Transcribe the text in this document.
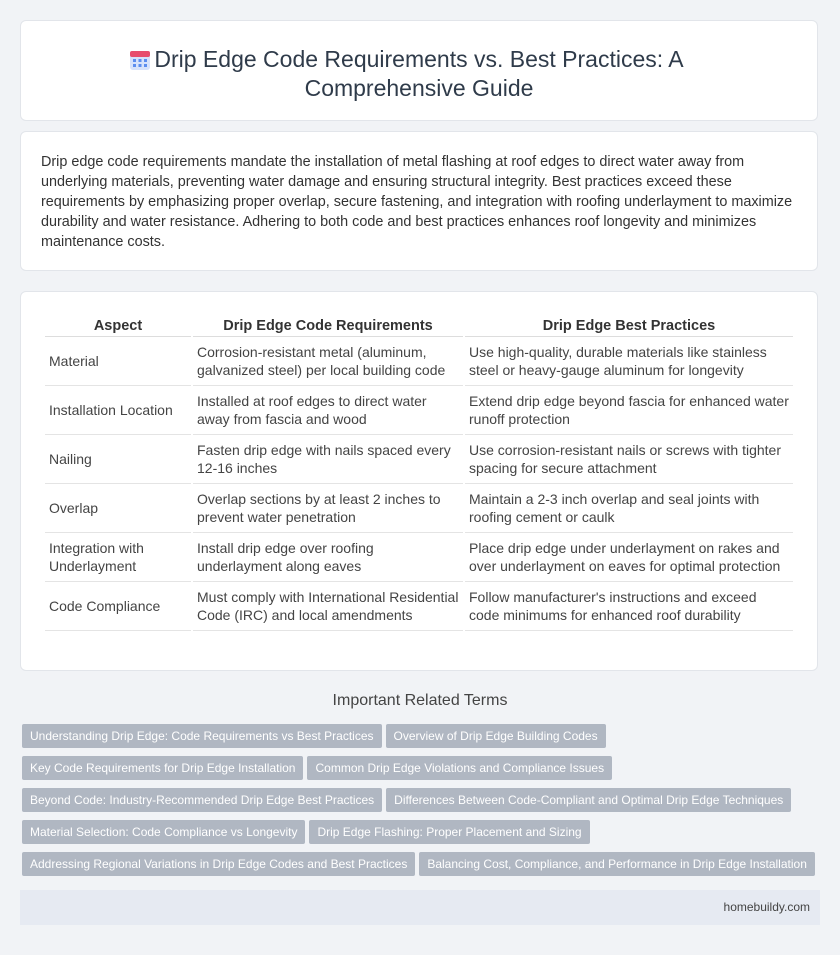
Drip Edge Code Requirements vs. Best Practices: A Comprehensive Guide

Drip edge code requirements mandate the installation of metal flashing at roof edges to direct water away from underlying materials, preventing water damage and ensuring structural integrity. Best practices exceed these requirements by emphasizing proper overlap, secure fastening, and integration with roofing underlayment to maximize durability and water resistance. Adhering to both code and best practices enhances roof longevity and minimizes maintenance costs.

Aspect	Drip Edge Code Requirements	Drip Edge Best Practices
Material	Corrosion-resistant metal (aluminum, galvanized steel) per local building code	Use high-quality, durable materials like stainless steel or heavy-gauge aluminum for longevity
Installation Location	Installed at roof edges to direct water away from fascia and wood	Extend drip edge beyond fascia for enhanced water runoff protection
Nailing	Fasten drip edge with nails spaced every 12-16 inches	Use corrosion-resistant nails or screws with tighter spacing for secure attachment
Overlap	Overlap sections by at least 2 inches to prevent water penetration	Maintain a 2-3 inch overlap and seal joints with roofing cement or caulk
Integration with Underlayment	Install drip edge over roofing underlayment along eaves	Place drip edge under underlayment on rakes and over underlayment on eaves for optimal protection
Code Compliance	Must comply with International Residential Code (IRC) and local amendments	Follow manufacturer's instructions and exceed code minimums for enhanced roof durability
Important Related Terms
Understanding Drip Edge: Code Requirements vs Best Practices Overview of Drip Edge Building Codes
Key Code Requirements for Drip Edge Installation Common Drip Edge Violations and Compliance Issues
Beyond Code: Industry-Recommended Drip Edge Best Practices Differences Between Code-Compliant and Optimal Drip Edge Techniques
Material Selection: Code Compliance vs Longevity Drip Edge Flashing: Proper Placement and Sizing
Addressing Regional Variations in Drip Edge Codes and Best Practices Balancing Cost, Compliance, and Performance in Drip Edge Installation
homebuildy.com
